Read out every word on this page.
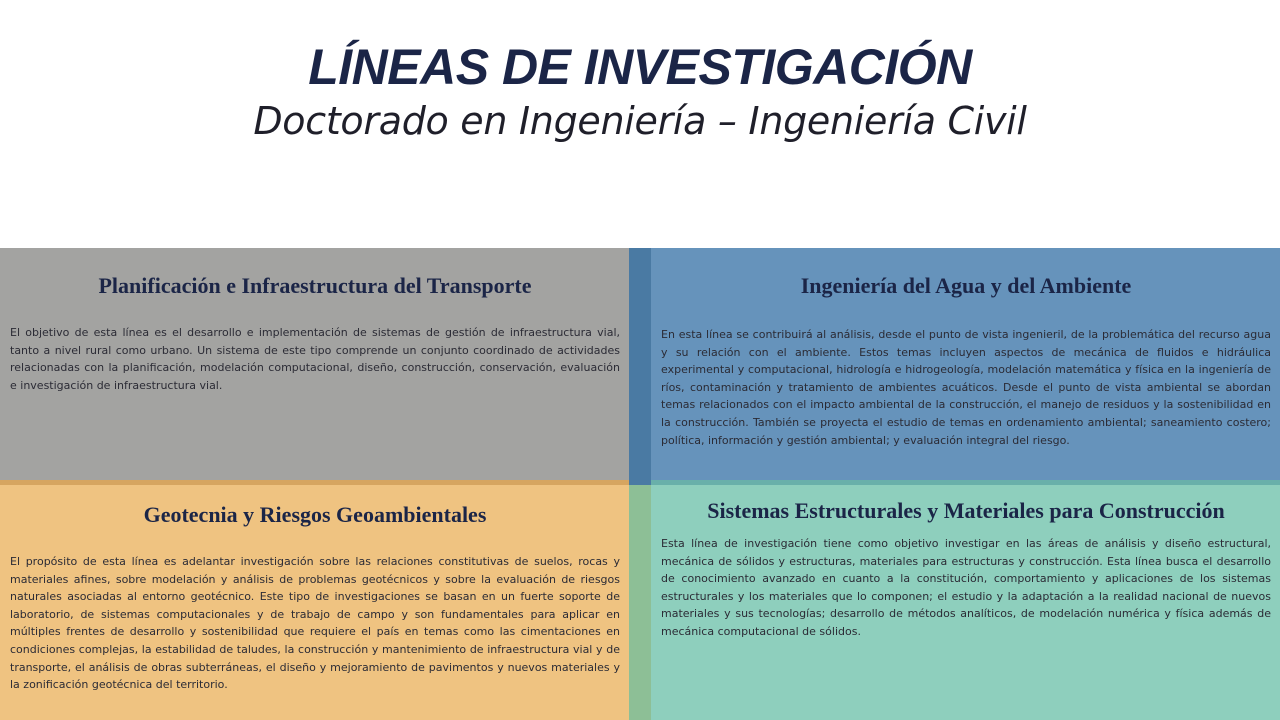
LÍNEAS DE INVESTIGACIÓN
Doctorado en Ingeniería – Ingeniería Civil
Planificación e Infraestructura del Transporte

El objetivo de esta línea es el desarrollo e implementación de sistemas de gestión de infraestructura vial, tanto a nivel rural como urbano. Un sistema de este tipo comprende un conjunto coordinado de actividades relacionadas con la planificación, modelación computacional, diseño, construcción, conservación, evaluación e investigación de infraestructura vial.

Ingeniería del Agua y del Ambiente

En esta línea se contribuirá al análisis, desde el punto de vista ingenieril, de la problemática del recurso agua y su relación con el ambiente. Estos temas incluyen aspectos de mecánica de fluidos e hidráulica experimental y computacional, hidrología e hidrogeología, modelación matemática y física en la ingeniería de ríos, contaminación y tratamiento de ambientes acuáticos. Desde el punto de vista ambiental se abordan temas relacionados con el impacto ambiental de la construcción, el manejo de residuos y la sostenibilidad en la construcción. También se proyecta el estudio de temas en ordenamiento ambiental; saneamiento costero; política, información y gestión ambiental; y evaluación integral del riesgo.

Geotecnia y Riesgos Geoambientales

El propósito de esta línea es adelantar investigación sobre las relaciones constitutivas de suelos, rocas y materiales afines, sobre modelación y análisis de problemas geotécnicos y sobre la evaluación de riesgos naturales asociadas al entorno geotécnico. Este tipo de investigaciones se basan en un fuerte soporte de laboratorio, de sistemas computacionales y de trabajo de campo y son fundamentales para aplicar en múltiples frentes de desarrollo y sostenibilidad que requiere el país en temas como las cimentaciones en condiciones complejas, la estabilidad de taludes, la construcción y mantenimiento de infraestructura vial y de transporte, el análisis de obras subterráneas, el diseño y mejoramiento de pavimentos y nuevos materiales y la zonificación geotécnica del territorio.

Sistemas Estructurales y Materiales para Construcción

Esta línea de investigación tiene como objetivo investigar en las áreas de análisis y diseño estructural, mecánica de sólidos y estructuras, materiales para estructuras y construcción. Esta línea busca el desarrollo de conocimiento avanzado en cuanto a la constitución, comportamiento y aplicaciones de los sistemas estructurales y los materiales que lo componen; el estudio y la adaptación a la realidad nacional de nuevos materiales y sus tecnologías; desarrollo de métodos analíticos, de modelación numérica y física además de mecánica computacional de sólidos.
